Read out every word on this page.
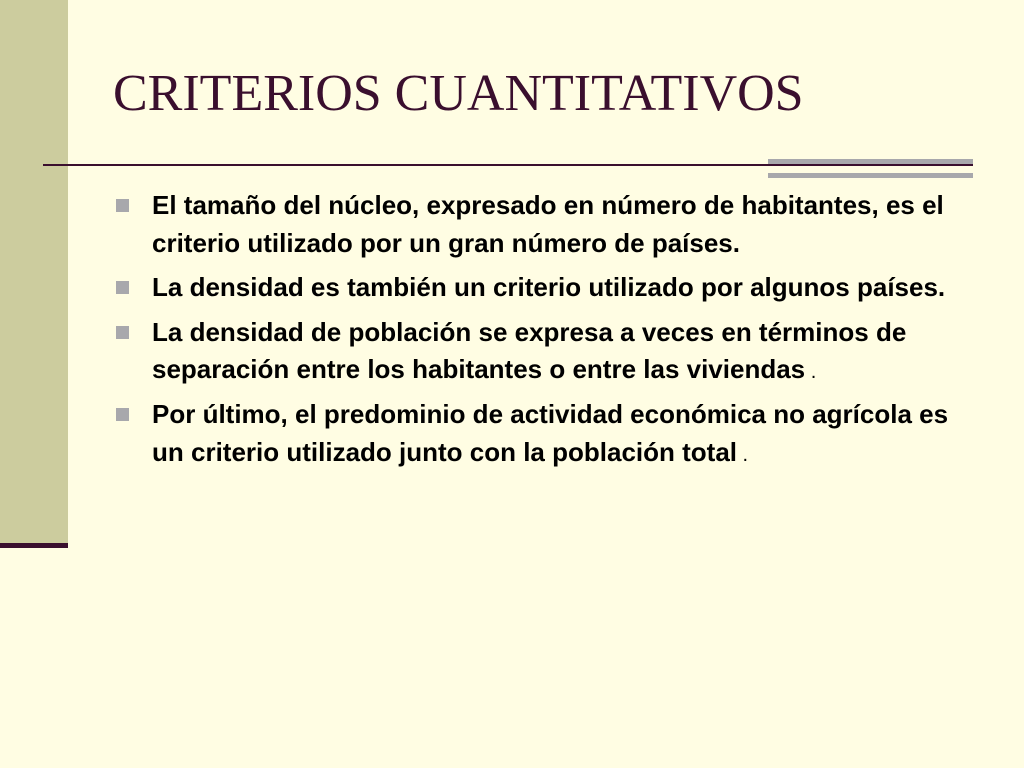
CRITERIOS CUANTITATIVOS
El tamaño del núcleo, expresado en número de habitantes, es el criterio utilizado por un gran número de países.
La densidad es también un criterio utilizado por algunos países.
La densidad de población se expresa a veces en términos de separación entre los habitantes o entre las viviendas .
Por último, el predominio de actividad económica no agrícola es un criterio utilizado junto con la población total .
